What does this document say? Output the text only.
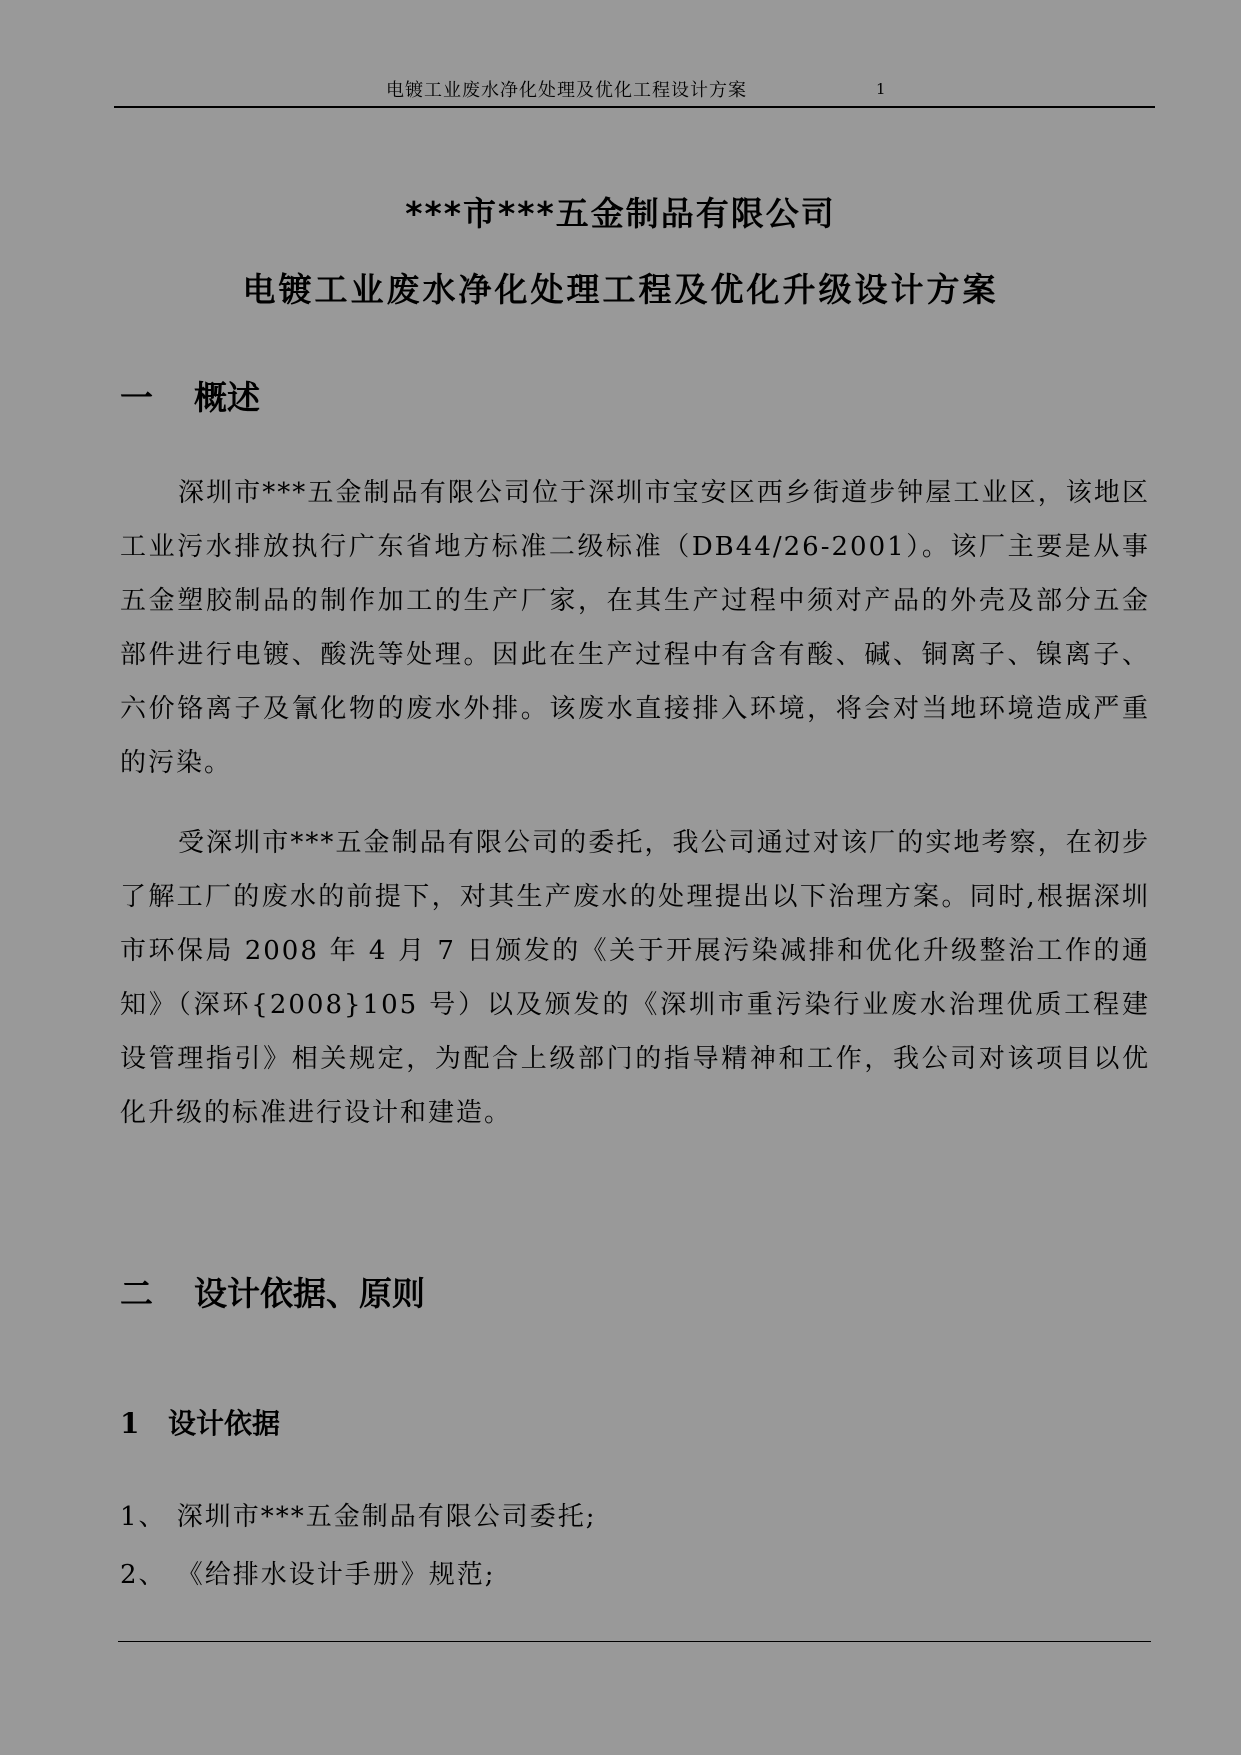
电镀工业废水净化处理及优化工程设计方案	1
***市***五金制品有限公司
电镀工业废水净化处理工程及优化升级设计方案
一 概述
深圳市***五金制品有限公司位于深圳市宝安区西乡街道步钟屋工业区，该地区工业污水排放执行广东省地方标准二级标准（DB44/26-2001）。该厂主要是从事五金塑胶制品的制作加工的生产厂家，在其生产过程中须对产品的外壳及部分五金部件进行电镀、酸洗等处理。因此在生产过程中有含有酸、碱、铜离子、镍离子、六价铬离子及氰化物的废水外排。该废水直接排入环境，将会对当地环境造成严重的污染。
受深圳市***五金制品有限公司的委托，我公司通过对该厂的实地考察，在初步了解工厂的废水的前提下，对其生产废水的处理提出以下治理方案。同时,根据深圳市环保局 2008 年 4 月 7 日颁发的《关于开展污染减排和优化升级整治工作的通知》（深环{2008}105 号）以及颁发的《深圳市重污染行业废水治理优质工程建设管理指引》相关规定，为配合上级部门的指导精神和工作，我公司对该项目以优化升级的标准进行设计和建造。
二 设计依据、原则
1 设计依据
1、 深圳市***五金制品有限公司委托;
2、 《给排水设计手册》规范;
